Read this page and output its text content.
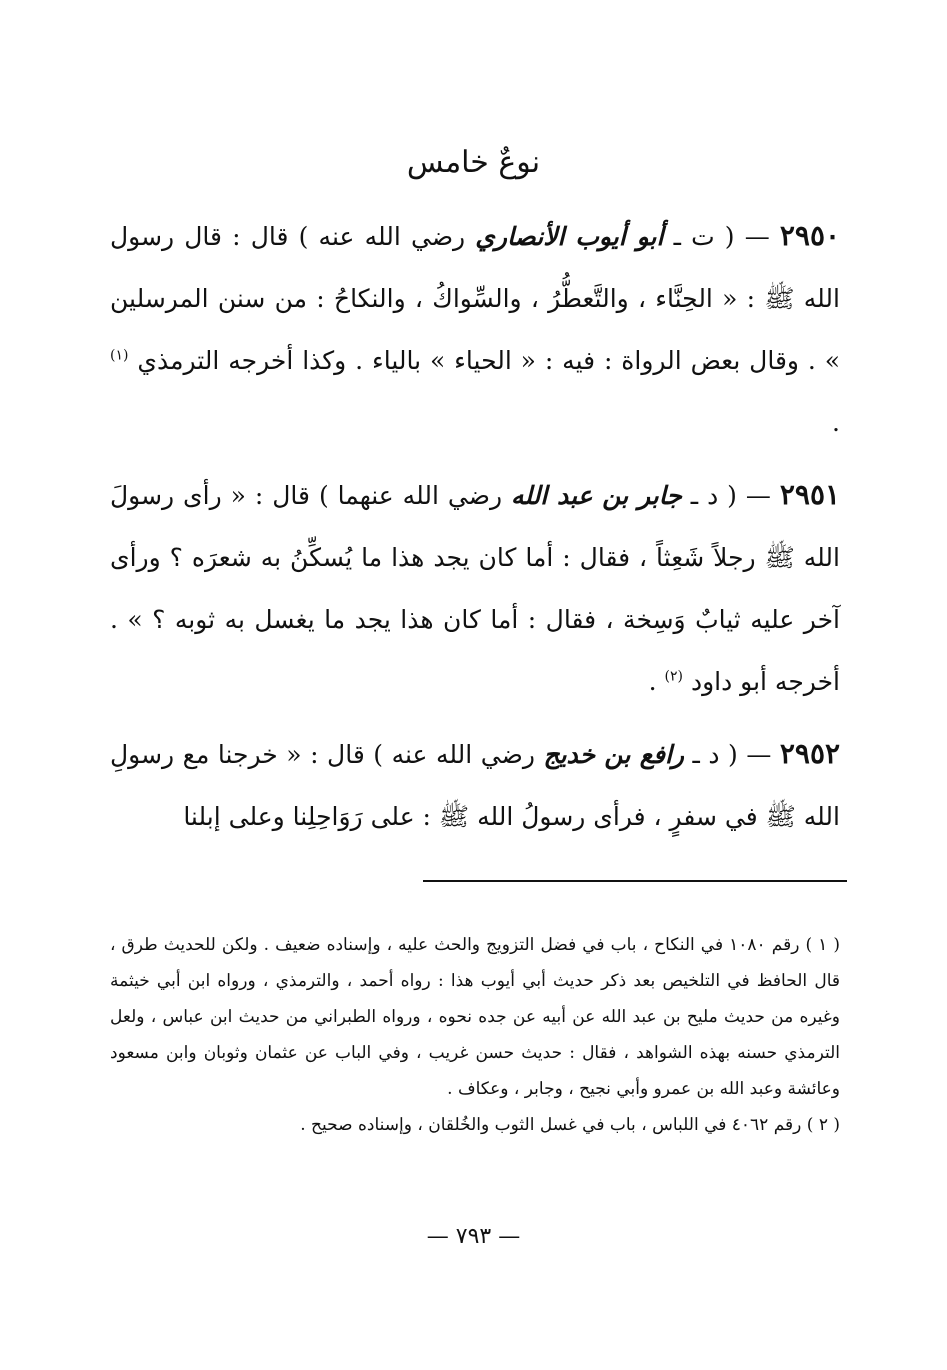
نوعٌ خامس

٢٩٥٠ — ( ت ـ أبو أيوب الأنصاري رضي الله عنه ) قال : قال رسول الله ﷺ : « الحِنَّاء ، والتَّعطُّرُ ، والسِّواكُ ، والنكاحُ : من سنن المرسلين » . وقال بعض الرواة : فيه : « الحياء » بالياء . وكذا أخرجه الترمذي $^{(١)}$ .

٢٩٥١ — ( د ـ جابر بن عبد الله رضي الله عنهما ) قال : « رأى رسولَ الله ﷺ رجلاً شَعِثاً ، فقال : أما كان يجد هذا ما يُسكِّنُ به شعرَه ؟ ورأى آخر عليه ثيابٌ وَسِخة ، فقال : أما كان هذا يجد ما يغسل به ثوبه ؟ » . أخرجه أبو داود $^{(٢)}$ .

٢٩٥٢ — ( د ـ رافع بن خديج رضي الله عنه ) قال : « خرجنا مع رسولِ الله ﷺ في سفرٍ ، فرأى رسولُ الله ﷺ : على رَوَاحِلِنا وعلى إبلنا

( ١ ) رقم ١٠٨٠ في النكاح ، باب في فضل التزويج والحث عليه ، وإسناده ضعيف . ولكن للحديث طرق ، قال الحافظ في التلخيص بعد ذكر حديث أبي أيوب هذا : رواه أحمد ، والترمذي ، ورواه ابن أبي خيثمة وغيره من حديث مليح بن عبد الله عن أبيه عن جده نحوه ، ورواه الطبراني من حديث ابن عباس ، ولعل الترمذي حسنه بهذه الشواهد ، فقال : حديث حسن غريب ، وفي الباب عن عثمان وثوبان وابن مسعود وعائشة وعبد الله بن عمرو وأبي نجيح ، وجابر ، وعكاف .

( ٢ ) رقم ٤٠٦٢ في اللباس ، باب في غسل الثوب والخُلقان ، وإسناده صحيح .

— ٧٩٣ —
